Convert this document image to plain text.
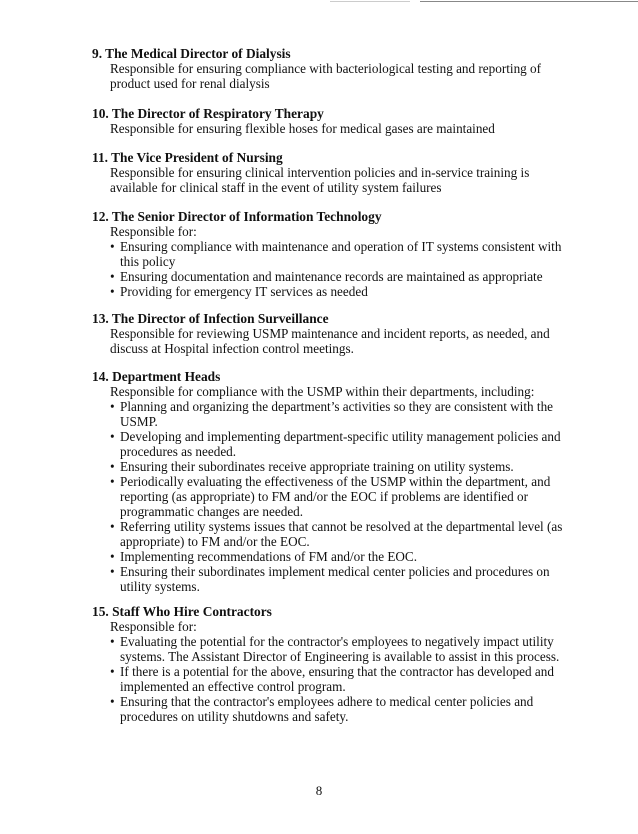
9. The Medical Director of Dialysis
Responsible for ensuring compliance with bacteriological testing and reporting of product used for renal dialysis
10. The Director of Respiratory Therapy
Responsible for ensuring flexible hoses for medical gases are maintained
11. The Vice President of Nursing
Responsible for ensuring clinical intervention policies and in-service training is available for clinical staff in the event of utility system failures
12. The Senior Director of Information Technology
Responsible for:
• Ensuring compliance with maintenance and operation of IT systems consistent with this policy
• Ensuring documentation and maintenance records are maintained as appropriate
• Providing for emergency IT services as needed
13. The Director of Infection Surveillance
Responsible for reviewing USMP maintenance and incident reports, as needed, and discuss at Hospital infection control meetings.
14. Department Heads
Responsible for compliance with the USMP within their departments, including:
• Planning and organizing the department’s activities so they are consistent with the USMP.
• Developing and implementing department-specific utility management policies and procedures as needed.
• Ensuring their subordinates receive appropriate training on utility systems.
• Periodically evaluating the effectiveness of the USMP within the department, and reporting (as appropriate) to FM and/or the EOC if problems are identified or programmatic changes are needed.
• Referring utility systems issues that cannot be resolved at the departmental level (as appropriate) to FM and/or the EOC.
• Implementing recommendations of FM and/or the EOC.
• Ensuring their subordinates implement medical center policies and procedures on utility systems.
15. Staff Who Hire Contractors
Responsible for:
• Evaluating the potential for the contractor's employees to negatively impact utility systems. The Assistant Director of Engineering is available to assist in this process.
• If there is a potential for the above, ensuring that the contractor has developed and implemented an effective control program.
• Ensuring that the contractor's employees adhere to medical center policies and procedures on utility shutdowns and safety.
8
